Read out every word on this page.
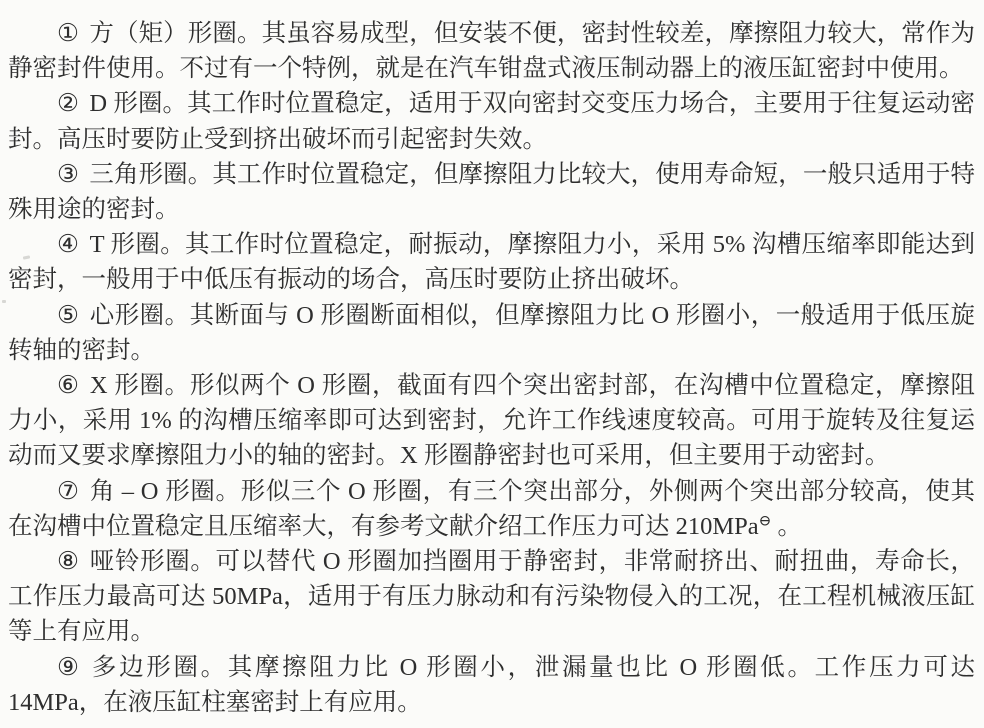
① 方（矩）形圈。其虽容易成型，但安装不便，密封性较差，摩擦阻力较大，常作为静密封件使用。不过有一个特例，就是在汽车钳盘式液压制动器上的液压缸密封中使用。

② D 形圈。其工作时位置稳定，适用于双向密封交变压力场合，主要用于往复运动密封。高压时要防止受到挤出破坏而引起密封失效。

③ 三角形圈。其工作时位置稳定，但摩擦阻力比较大，使用寿命短，一般只适用于特殊用途的密封。

④ T 形圈。其工作时位置稳定，耐振动，摩擦阻力小，采用 5% 沟槽压缩率即能达到密封，一般用于中低压有振动的场合，高压时要防止挤出破坏。

⑤ 心形圈。其断面与 O 形圈断面相似，但摩擦阻力比 O 形圈小，一般适用于低压旋转轴的密封。

⑥ X 形圈。形似两个 O 形圈，截面有四个突出密封部，在沟槽中位置稳定，摩擦阻力小，采用 1% 的沟槽压缩率即可达到密封，允许工作线速度较高。可用于旋转及往复运动而又要求摩擦阻力小的轴的密封。X 形圈静密封也可采用，但主要用于动密封。

⑦ 角 – O 形圈。形似三个 O 形圈，有三个突出部分，外侧两个突出部分较高，使其在沟槽中位置稳定且压缩率大，有参考文献介绍工作压力可达 210MPa⊖ 。

⑧ 哑铃形圈。可以替代 O 形圈加挡圈用于静密封，非常耐挤出、耐扭曲，寿命长，工作压力最高可达 50MPa，适用于有压力脉动和有污染物侵入的工况，在工程机械液压缸等上有应用。

⑨ 多边形圈。其摩擦阻力比 O 形圈小，泄漏量也比 O 形圈低。工作压力可达 14MPa，在液压缸柱塞密封上有应用。
